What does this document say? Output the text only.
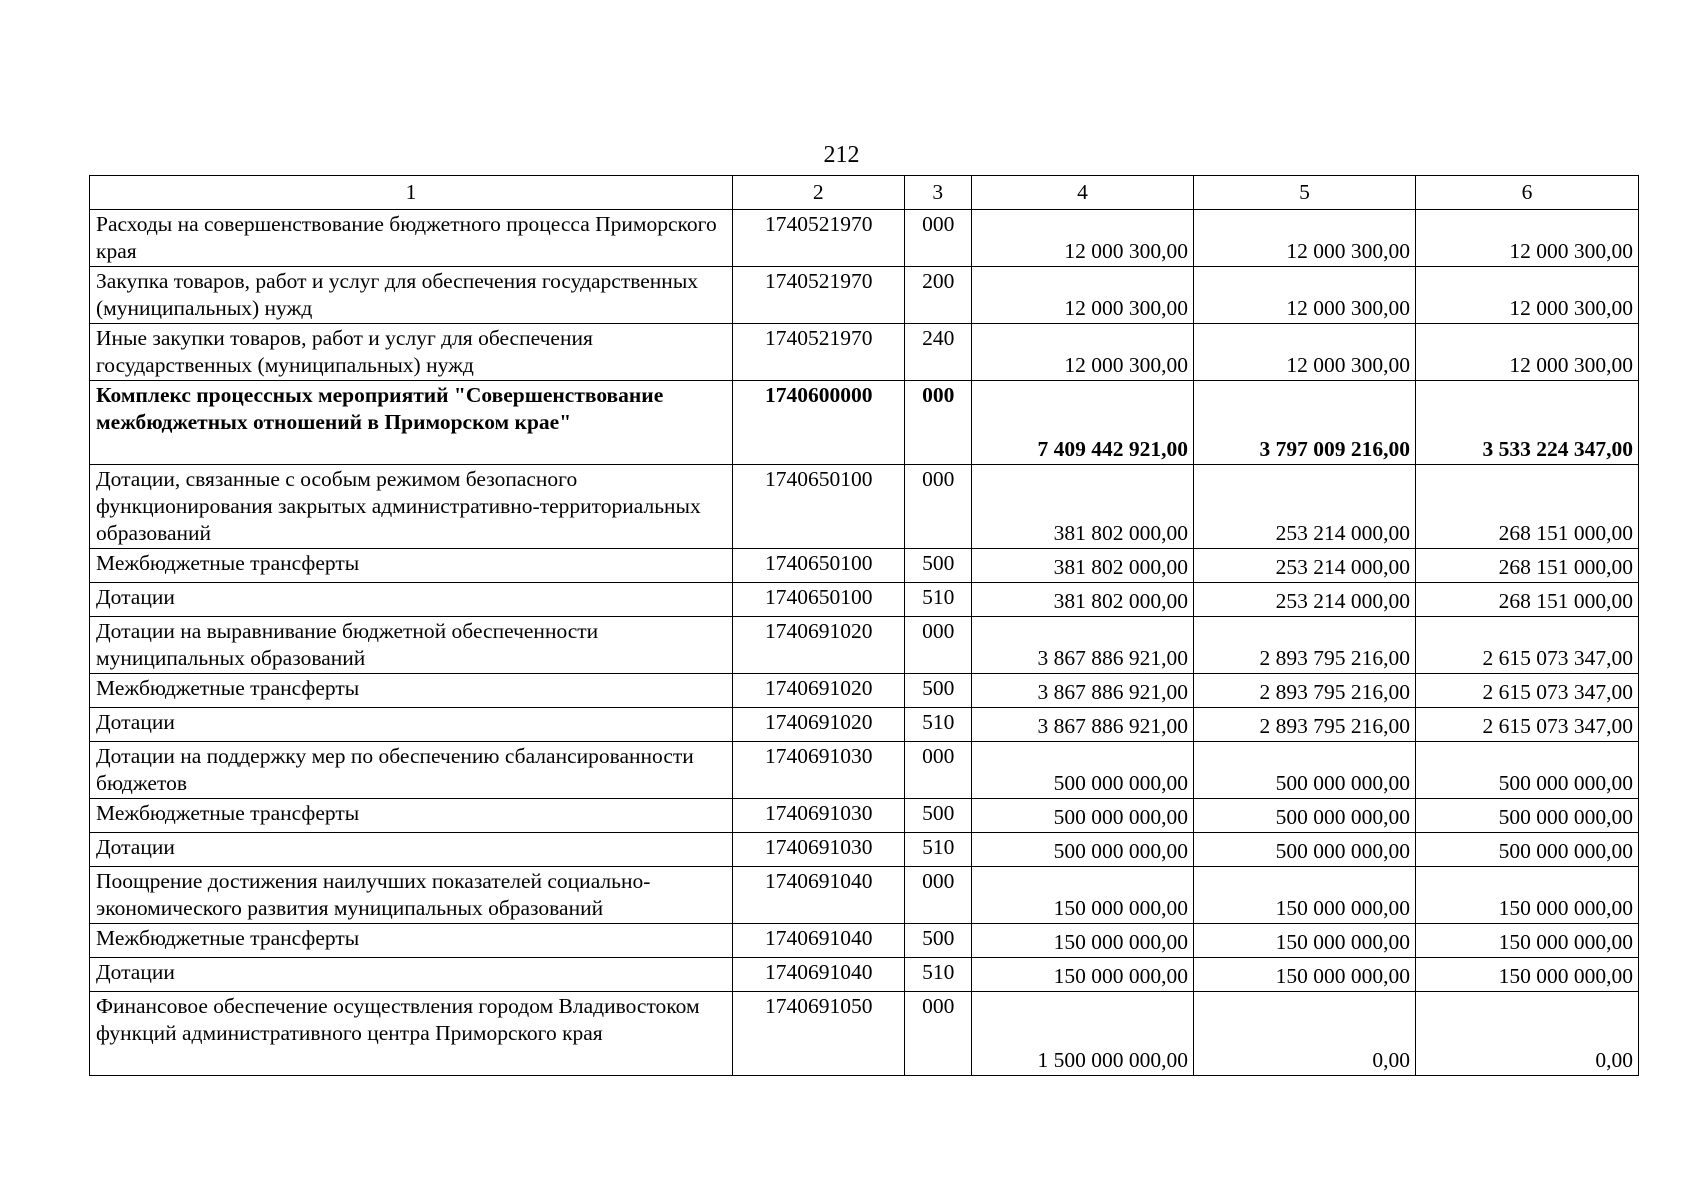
212
1	2	3	4	5	6
Расходы на совершенствование бюджетного процесса Приморского края	1740521970	000	12 000 300,00	12 000 300,00	12 000 300,00
Закупка товаров, работ и услуг для обеспечения государственных (муниципальных) нужд	1740521970	200	12 000 300,00	12 000 300,00	12 000 300,00
Иные закупки товаров, работ и услуг для обеспечения государственных (муниципальных) нужд	1740521970	240	12 000 300,00	12 000 300,00	12 000 300,00
Комплекс процессных мероприятий "Совершенствование межбюджетных отношений в Приморском крае"	1740600000	000	7 409 442 921,00	3 797 009 216,00	3 533 224 347,00
Дотации, связанные с особым режимом безопасного функционирования закрытых административно-территориальных образований	1740650100	000	381 802 000,00	253 214 000,00	268 151 000,00
Межбюджетные трансферты	1740650100	500	381 802 000,00	253 214 000,00	268 151 000,00
Дотации	1740650100	510	381 802 000,00	253 214 000,00	268 151 000,00
Дотации на выравнивание бюджетной обеспеченности муниципальных образований	1740691020	000	3 867 886 921,00	2 893 795 216,00	2 615 073 347,00
Межбюджетные трансферты	1740691020	500	3 867 886 921,00	2 893 795 216,00	2 615 073 347,00
Дотации	1740691020	510	3 867 886 921,00	2 893 795 216,00	2 615 073 347,00
Дотации на поддержку мер по обеспечению сбалансированности бюджетов	1740691030	000	500 000 000,00	500 000 000,00	500 000 000,00
Межбюджетные трансферты	1740691030	500	500 000 000,00	500 000 000,00	500 000 000,00
Дотации	1740691030	510	500 000 000,00	500 000 000,00	500 000 000,00
Поощрение достижения наилучших показателей социально-экономического развития муниципальных образований	1740691040	000	150 000 000,00	150 000 000,00	150 000 000,00
Межбюджетные трансферты	1740691040	500	150 000 000,00	150 000 000,00	150 000 000,00
Дотации	1740691040	510	150 000 000,00	150 000 000,00	150 000 000,00
Финансовое обеспечение осуществления городом Владивостоком функций административного центра Приморского края	1740691050	000	1 500 000 000,00	0,00	0,00
